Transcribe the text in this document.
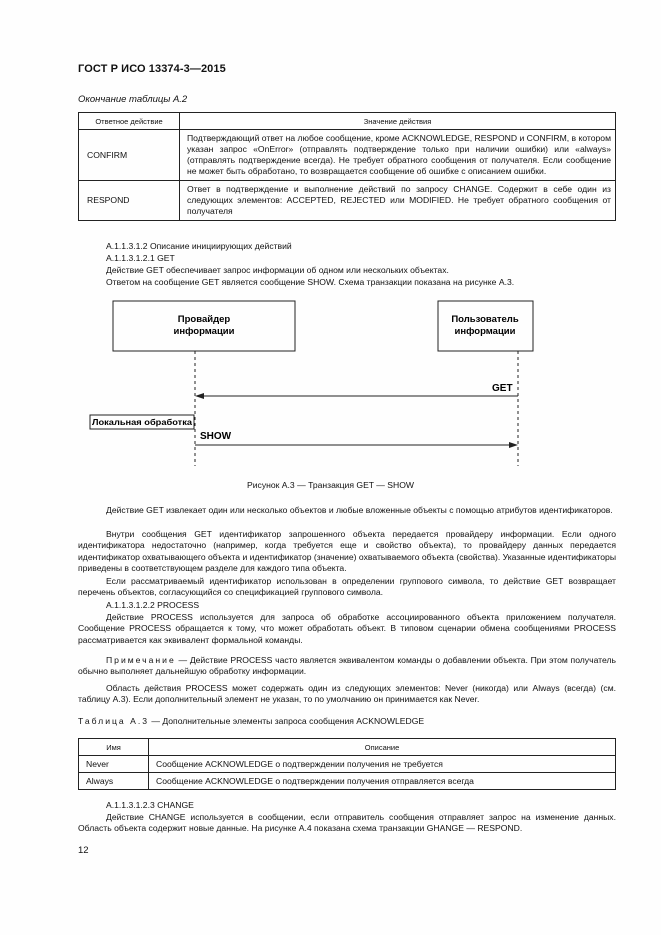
ГОСТ Р ИСО 13374-3—2015
Окончание таблицы А.2
Ответное действие	Значение действия
CONFIRM	Подтверждающий ответ на любое сообщение, кроме ACKNOWLEDGE, RESPOND и CONFIRM, в котором указан запрос «OnError» (отправлять подтверждение только при наличии ошибки) или «always» (отправлять подтверждение всегда). Не требует обратного сообщения от получателя. Если сообщение не может быть обработано, то возвращается сообщение об ошибке с описанием ошибки.
RESPOND	Ответ в подтверждение и выполнение действий по запросу CHANGE. Содержит в себе один из следующих элементов: ACCEPTED, REJECTED или MODIFIED. Не требует обратного сообщения от получателя
А.1.1.3.1.2 Описание инициирующих действий
А.1.1.3.1.2.1 GET
Действие GET обеспечивает запрос информации об одном или нескольких объектах.
Ответом на сообщение GET является сообщение SHOW. Схема транзакции показана на рисунке А.3.
Провайдер
информации
Пользователь
информации
GET
Локальная обработка
SHOW
Рисунок А.3 — Транзакция GET — SHOW
Действие GET извлекает один или несколько объектов и любые вложенные объекты с помощью атрибутов идентификаторов.
Внутри сообщения GET идентификатор запрошенного объекта передается провайдеру информации. Если одного идентификатора недостаточно (например, когда требуется еще и свойство объекта), то провайдеру данных передается идентификатор охватывающего объекта и идентификатор (значение) охватываемого объекта (свойства). Указанные идентификаторы приведены в соответствующем разделе для каждого типа объекта.
Если рассматриваемый идентификатор использован в определении группового символа, то действие GET возвращает перечень объектов, согласующийся со спецификацией группового символа.
А.1.1.3.1.2.2 PROCESS
Действие PROCESS используется для запроса об обработке ассоциированного объекта приложением получателя. Сообщение PROCESS обращается к тому, что может обработать объект. В типовом сценарии обмена сообщениями PROCESS рассматривается как эквивалент формальной команды.
Примечание — Действие PROCESS часто является эквивалентом команды о добавлении объекта. При этом получатель обычно выполняет дальнейшую обработку информации.
Область действия PROCESS может содержать один из следующих элементов: Never (никогда) или Always (всегда) (см. таблицу А.3). Если дополнительный элемент не указан, то по умолчанию он принимается как Never.
Таблица А.3 — Дополнительные элементы запроса сообщения ACKNOWLEDGE
Имя	Описание
Never	Сообщение ACKNOWLEDGE о подтверждении получения не требуется
Always	Сообщение ACKNOWLEDGE о подтверждении получения отправляется всегда
А.1.1.3.1.2.3 CHANGE
Действие CHANGE используется в сообщении, если отправитель сообщения отправляет запрос на изменение данных. Область объекта содержит новые данные. На рисунке А.4 показана схема транзакции GHANGE — RESPOND.
12
